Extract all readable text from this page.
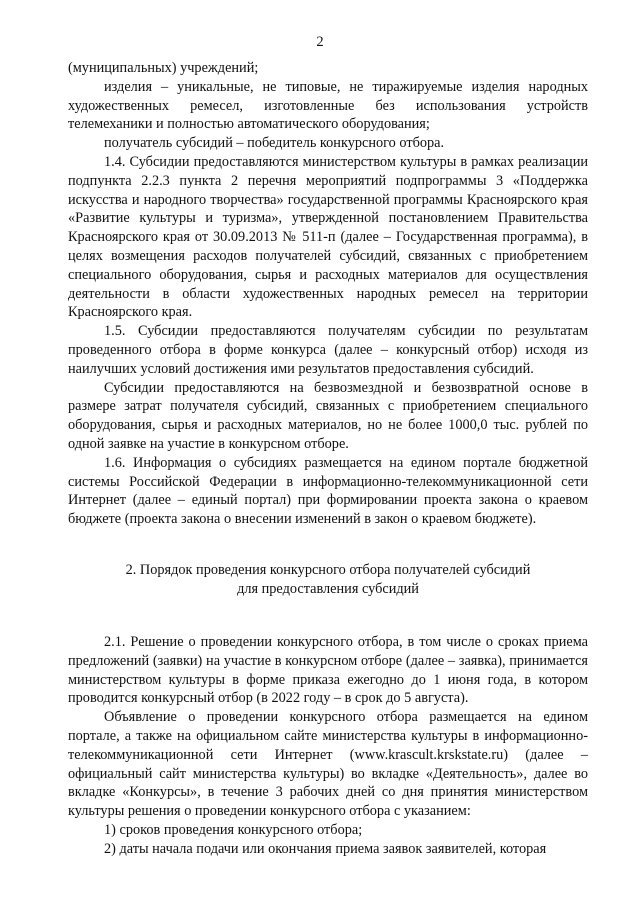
2

(муниципальных) учреждений;

изделия – уникальные, не типовые, не тиражируемые изделия народных художественных ремесел, изготовленные без использования устройств телемеханики и полностью автоматического оборудования;

получатель субсидий – победитель конкурсного отбора.

1.4. Субсидии предоставляются министерством культуры в рамках реализации подпункта 2.2.3 пункта 2 перечня мероприятий подпрограммы 3 «Поддержка искусства и народного творчества» государственной программы Красноярского края «Развитие культуры и туризма», утвержденной постановлением Правительства Красноярского края от 30.09.2013 № 511-п (далее – Государственная программа), в целях возмещения расходов получателей субсидий, связанных с приобретением специального оборудования, сырья и расходных материалов для осуществления деятельности в области художественных народных ремесел на территории Красноярского края.

1.5. Субсидии предоставляются получателям субсидии по результатам проведенного отбора в форме конкурса (далее – конкурсный отбор) исходя из наилучших условий достижения ими результатов предоставления субсидий.

Субсидии предоставляются на безвозмездной и безвозвратной основе в размере затрат получателя субсидий, связанных с приобретением специального оборудования, сырья и расходных материалов, но не более 1000,0 тыс. рублей по одной заявке на участие в конкурсном отборе.

1.6. Информация о субсидиях размещается на едином портале бюджетной системы Российской Федерации в информационно-телекоммуникационной сети Интернет (далее – единый портал) при формировании проекта закона о краевом бюджете (проекта закона о внесении изменений в закон о краевом бюджете).

2. Порядок проведения конкурсного отбора получателей субсидий
для предоставления субсидий

2.1. Решение о проведении конкурсного отбора, в том числе о сроках приема предложений (заявки) на участие в конкурсном отборе (далее – заявка), принимается министерством культуры в форме приказа ежегодно до 1 июня года, в котором проводится конкурсный отбор (в 2022 году – в срок до 5 августа).

Объявление о проведении конкурсного отбора размещается на едином портале, а также на официальном сайте министерства культуры в информационно-телекоммуникационной сети Интернет (www.krascult.krskstate.ru) (далее – официальный сайт министерства культуры) во вкладке «Деятельность», далее во вкладке «Конкурсы», в течение 3 рабочих дней со дня принятия министерством культуры решения о проведении конкурсного отбора с указанием:

1) сроков проведения конкурсного отбора;

2) даты начала подачи или окончания приема заявок заявителей, которая
